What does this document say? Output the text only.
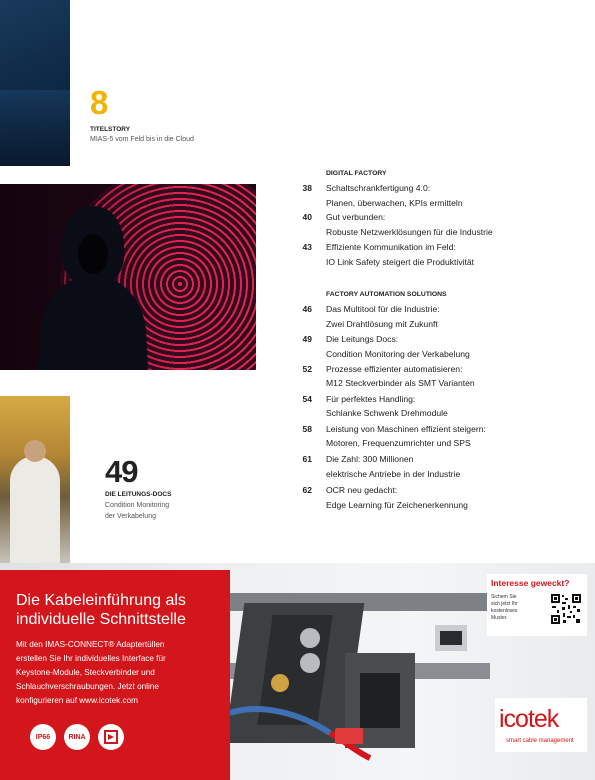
8
TITELSTORY
MIAS-5 vom Feld bis in die Cloud
49
DIE LEITUNGS-DOCS
Condition Monitoring
der Verkabelung
DIGITAL FACTORY
38 Schaltschrankfertigung 4.0:
Planen, überwachen, KPIs ermitteln
40 Gut verbunden:
Robuste Netzwerklösungen für die Industrie
43 Effiziente Kommunikation im Feld:
IO Link Safety steigert die Produktivität
FACTORY AUTOMATION SOLUTIONS
46 Das Multitool für die Industrie:
Zwei Drahtlösung mit Zukunft
49 Die Leitungs Docs:
Condition Monitoring der Verkabelung
52 Prozesse effizienter automatisieren:
M12 Steckverbinder als SMT Varianten
54 Für perfektes Handling:
Schlanke Schwenk Drehmodule
58 Leistung von Maschinen effizient steigern:
Motoren, Frequenzumrichter und SPS
61 Die Zahl: 300 Millionen
elektrische Antriebe in der Industrie
62 OCR neu gedacht:
Edge Learning für Zeichenerkennung
Die Kabeleinführung als
individuelle Schnittstelle
Mit den IMAS-CONNECT® Adaptertüllen
erstellen Sie Ihr individuelles Interface für
Keystone-Module, Steckverbinder und
Schlauchverschraubungen. Jetzt online
konfigurieren auf www.icotek.com
IP66	RINA
Interesse geweckt?
Sichern Sie
sich jetzt Ihr
kostenloses
Muster.
icotek
smart cable management
